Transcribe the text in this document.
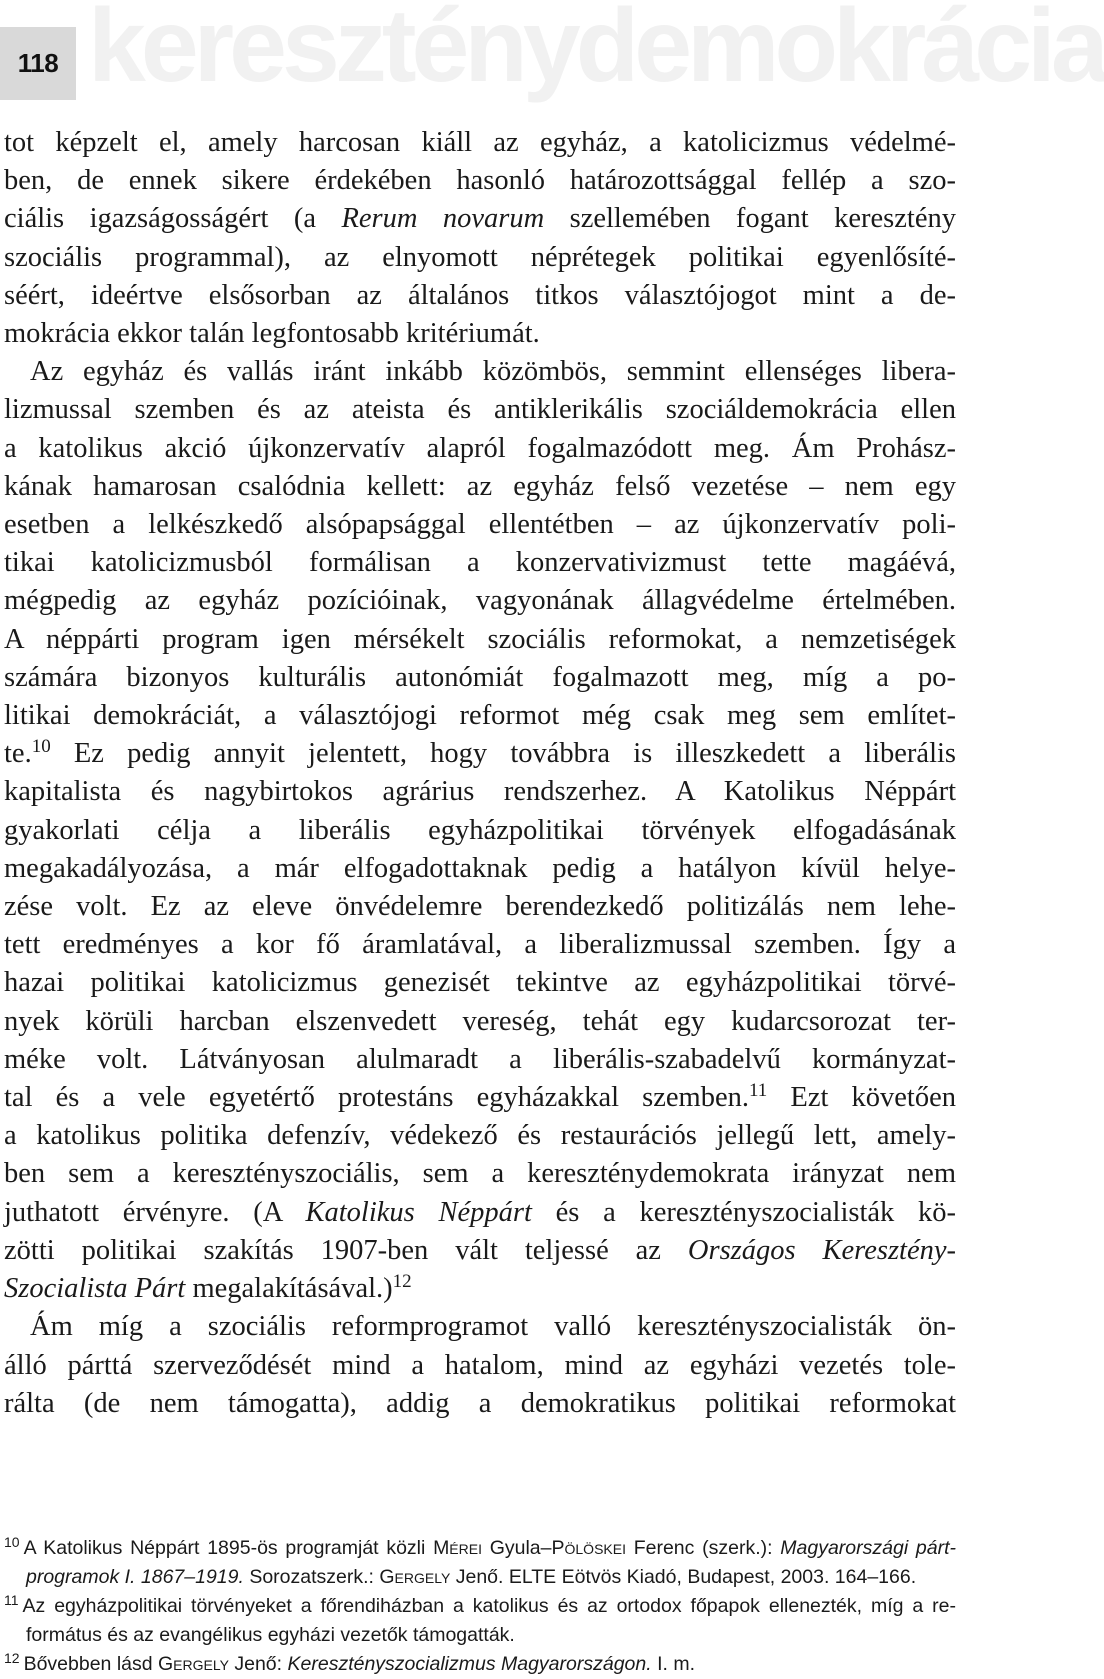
118 kereszténydemokrácia
tot képzelt el, amely harcosan kiáll az egyház, a katolicizmus védelmé-
ben, de ennek sikere érdekében hasonló határozottsággal fellép a szo-
ciális igazságosságért (a Rerum novarum szellemében fogant keresztény
szociális programmal), az elnyomott néprétegek politikai egyenlősíté-
séért, ideértve elsősorban az általános titkos választójogot mint a de-
mokrácia ekkor talán legfontosabb kritériumát.
Az egyház és vallás iránt inkább közömbös, semmint ellenséges libera-
lizmussal szemben és az ateista és antiklerikális szociáldemokrácia ellen
a katolikus akció újkonzervatív alapról fogalmazódott meg. Ám Prohász-
kának hamarosan csalódnia kellett: az egyház felső vezetése – nem egy
esetben a lelkészkedő alsópapsággal ellentétben – az újkonzervatív poli-
tikai katolicizmusból formálisan a konzervativizmust tette magáévá,
mégpedig az egyház pozícióinak, vagyonának állagvédelme értelmében.
A néppárti program igen mérsékelt szociális reformokat, a nemzetiségek
számára bizonyos kulturális autonómiát fogalmazott meg, míg a po-
litikai demokráciát, a választójogi reformot még csak meg sem említet-
te.$^{10}$ Ez pedig annyit jelentett, hogy továbbra is illeszkedett a liberális
kapitalista és nagybirtokos agrárius rendszerhez. A Katolikus Néppárt
gyakorlati célja a liberális egyházpolitikai törvények elfogadásának
megakadályozása, a már elfogadottaknak pedig a hatályon kívül helye-
zése volt. Ez az eleve önvédelemre berendezkedő politizálás nem lehe-
tett eredményes a kor fő áramlatával, a liberalizmussal szemben. Így a
hazai politikai katolicizmus genezisét tekintve az egyházpolitikai törvé-
nyek körüli harcban elszenvedett vereség, tehát egy kudarcsorozat ter-
méke volt. Látványosan alulmaradt a liberális-szabadelvű kormányzat-
tal és a vele egyetértő protestáns egyházakkal szemben.$^{11}$ Ezt követően
a katolikus politika defenzív, védekező és restaurációs jellegű lett, amely-
ben sem a keresztényszociális, sem a kereszténydemokrata irányzat nem
juthatott érvényre. (A Katolikus Néppárt és a keresztényszocialisták kö-
zötti politikai szakítás 1907-ben vált teljessé az Országos Keresztény-
Szocialista Párt megalakításával.)$^{12}$
Ám míg a szociális reformprogramot valló keresztényszocialisták ön-
álló párttá szerveződését mind a hatalom, mind az egyházi vezetés tole-
rálta (de nem támogatta), addig a demokratikus politikai reformokat
$^{10}$ A Katolikus Néppárt 1895-ös programját közli Mérei Gyula–Pölöskei Ferenc (szerk.): Magyarországi párt-
programok I. 1867–1919. Sorozatszerk.: Gergely Jenő. ELTE Eötvös Kiadó, Budapest, 2003. 164–166.
$^{11}$ Az egyházpolitikai törvényeket a főrendiházban a katolikus és az ortodox főpapok ellenezték, míg a re-
formátus és az evangélikus egyházi vezetők támogatták.
$^{12}$ Bővebben lásd Gergely Jenő: Keresztényszocializmus Magyarországon. I. m.
